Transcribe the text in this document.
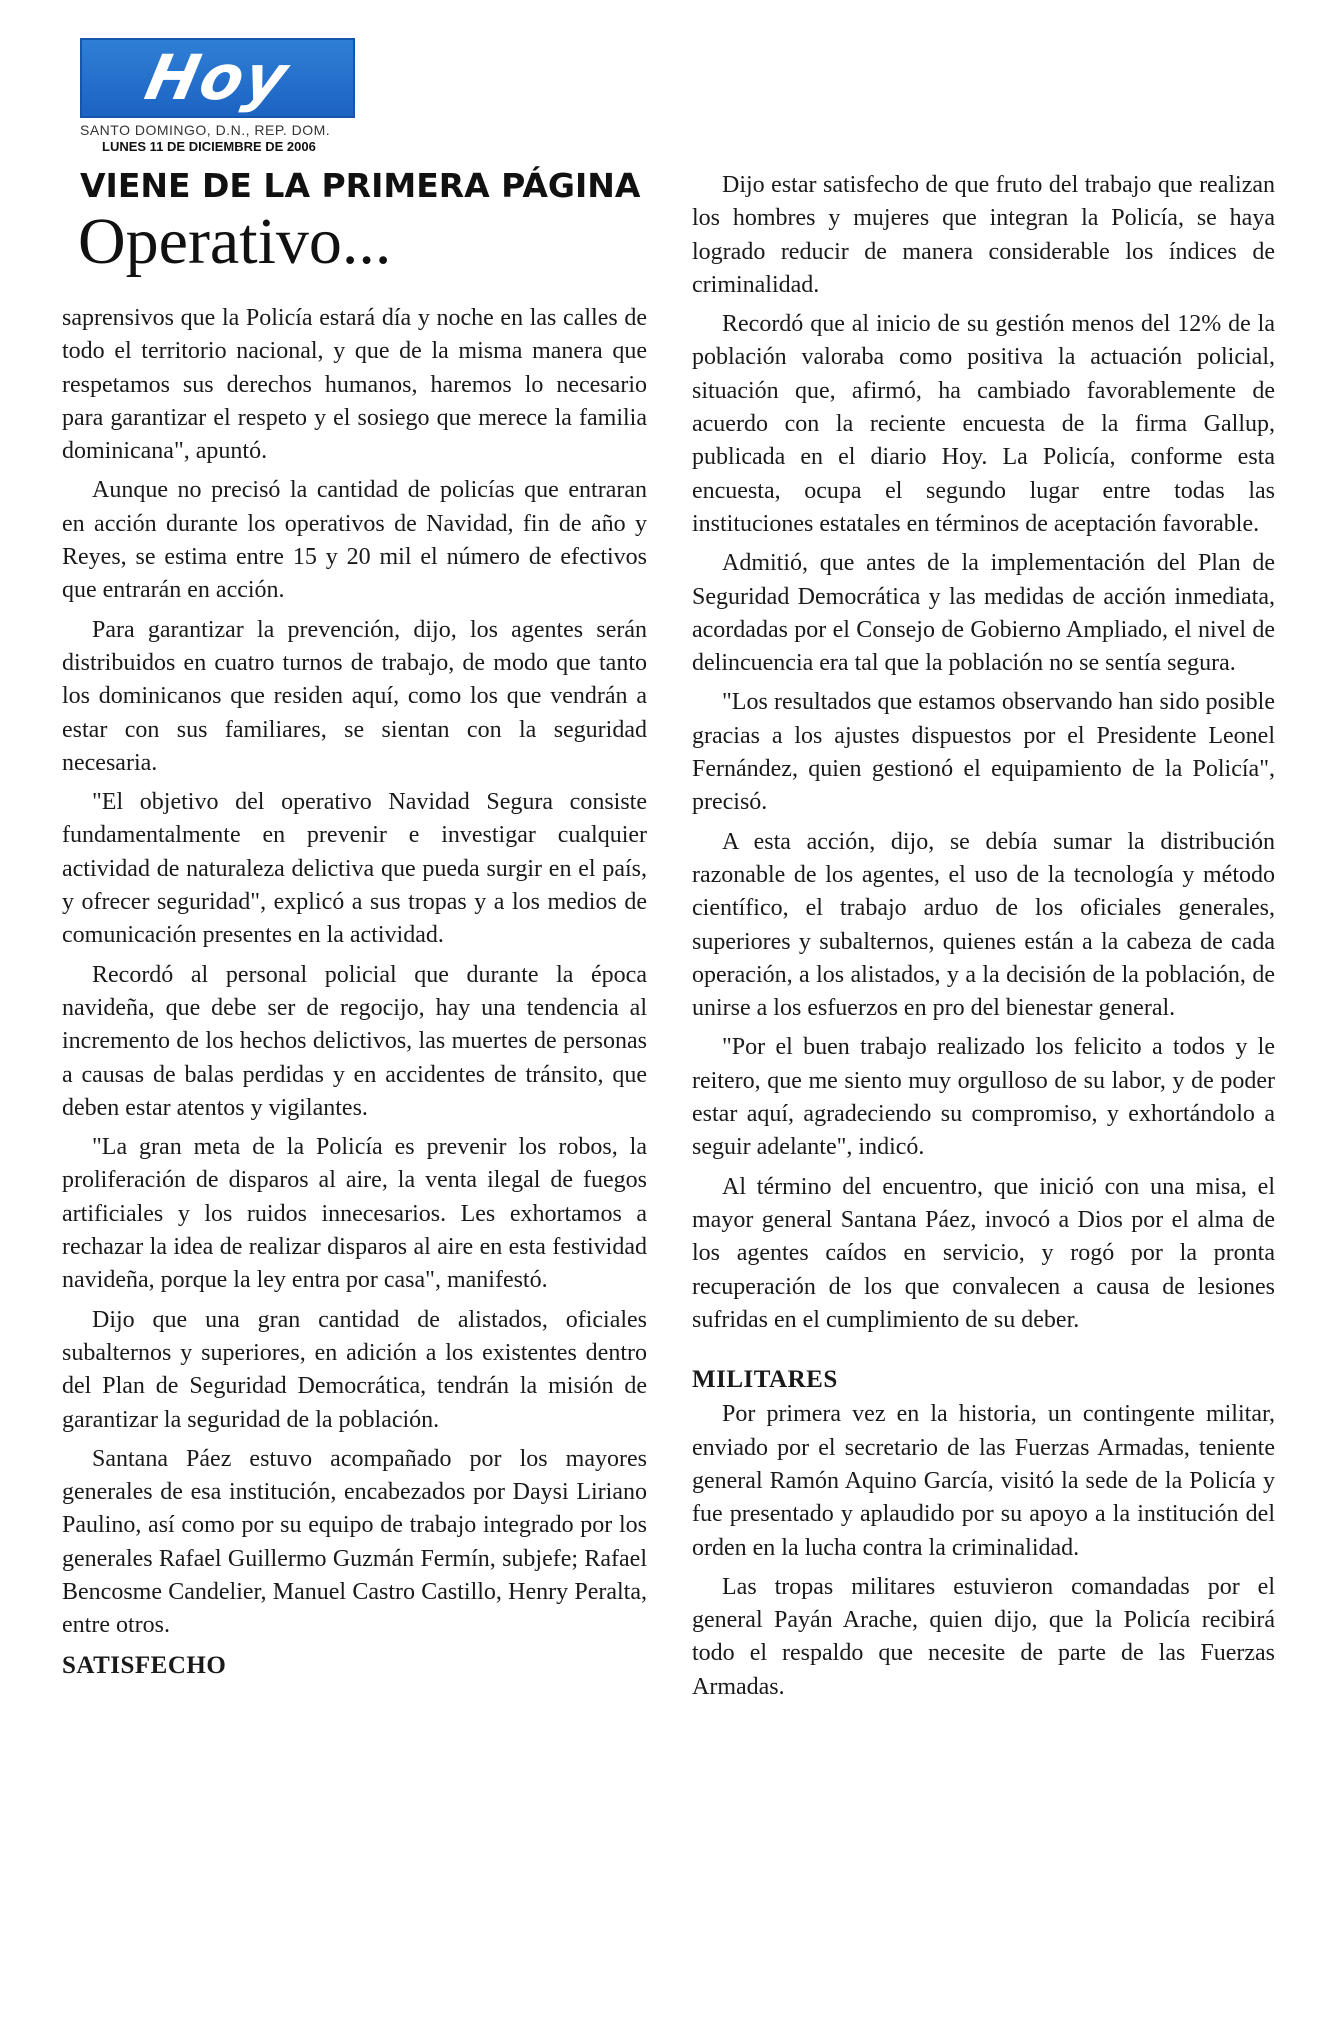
Hoy
SANTO DOMINGO, D.N., REP. DOM.
LUNES 11 DE DICIEMBRE DE 2006
VIENE DE LA PRIMERA PÁGINA
Operativo...

saprensivos que la Policía estará día y noche en las calles de todo el territorio nacional, y que de la misma manera que respetamos sus derechos humanos, haremos lo necesario para garantizar el respeto y el sosiego que merece la familia dominicana", apuntó.

Aunque no precisó la cantidad de policías que entraran en acción durante los operativos de Navidad, fin de año y Reyes, se estima entre 15 y 20 mil el número de efectivos que entrarán en acción.

Para garantizar la prevención, dijo, los agentes serán distribuidos en cuatro turnos de trabajo, de modo que tanto los dominicanos que residen aquí, como los que vendrán a estar con sus familiares, se sientan con la seguridad necesaria.

"El objetivo del operativo Navidad Segura consiste fundamentalmente en prevenir e investigar cualquier actividad de naturaleza delictiva que pueda surgir en el país, y ofrecer seguridad", explicó a sus tropas y a los medios de comunicación presentes en la actividad.

Recordó al personal policial que durante la época navideña, que debe ser de regocijo, hay una tendencia al incremento de los hechos delictivos, las muertes de personas a causas de balas perdidas y en accidentes de tránsito, que deben estar atentos y vigilantes.

"La gran meta de la Policía es prevenir los robos, la proliferación de disparos al aire, la venta ilegal de fuegos artificiales y los ruidos innecesarios. Les exhortamos a rechazar la idea de realizar disparos al aire en esta festividad navideña, porque la ley entra por casa", manifestó.

Dijo que una gran cantidad de alistados, oficiales subalternos y superiores, en adición a los existentes dentro del Plan de Seguridad Democrática, tendrán la misión de garantizar la seguridad de la población.

Santana Páez estuvo acompañado por los mayores generales de esa institución, encabezados por Daysi Liriano Paulino, así como por su equipo de trabajo integrado por los generales Rafael Guillermo Guzmán Fermín, subjefe; Rafael Bencosme Candelier, Manuel Castro Castillo, Henry Peralta, entre otros.

SATISFECHO

Dijo estar satisfecho de que fruto del trabajo que realizan los hombres y mujeres que integran la Policía, se haya logrado reducir de manera considerable los índices de criminalidad.

Recordó que al inicio de su gestión menos del 12% de la población valoraba como positiva la actuación policial, situación que, afirmó, ha cambiado favorablemente de acuerdo con la reciente encuesta de la firma Gallup, publicada en el diario Hoy. La Policía, conforme esta encuesta, ocupa el segundo lugar entre todas las instituciones estatales en términos de aceptación favorable.

Admitió, que antes de la implementación del Plan de Seguridad Democrática y las medidas de acción inmediata, acordadas por el Consejo de Gobierno Ampliado, el nivel de delincuencia era tal que la población no se sentía segura.

"Los resultados que estamos observando han sido posible gracias a los ajustes dispuestos por el Presidente Leonel Fernández, quien gestionó el equipamiento de la Policía", precisó.

A esta acción, dijo, se debía sumar la distribución razonable de los agentes, el uso de la tecnología y método científico, el trabajo arduo de los oficiales generales, superiores y subalternos, quienes están a la cabeza de cada operación, a los alistados, y a la decisión de la población, de unirse a los esfuerzos en pro del bienestar general.

"Por el buen trabajo realizado los felicito a todos y le reitero, que me siento muy orgulloso de su labor, y de poder estar aquí, agradeciendo su compromiso, y exhortándolo a seguir adelante", indicó.

Al término del encuentro, que inició con una misa, el mayor general Santana Páez, invocó a Dios por el alma de los agentes caídos en servicio, y rogó por la pronta recuperación de los que convalecen a causa de lesiones sufridas en el cumplimiento de su deber.

MILITARES

Por primera vez en la historia, un contingente militar, enviado por el secretario de las Fuerzas Armadas, teniente general Ramón Aquino García, visitó la sede de la Policía y fue presentado y aplaudido por su apoyo a la institución del orden en la lucha contra la criminalidad.

Las tropas militares estuvieron comandadas por el general Payán Arache, quien dijo, que la Policía recibirá todo el respaldo que necesite de parte de las Fuerzas Armadas.
